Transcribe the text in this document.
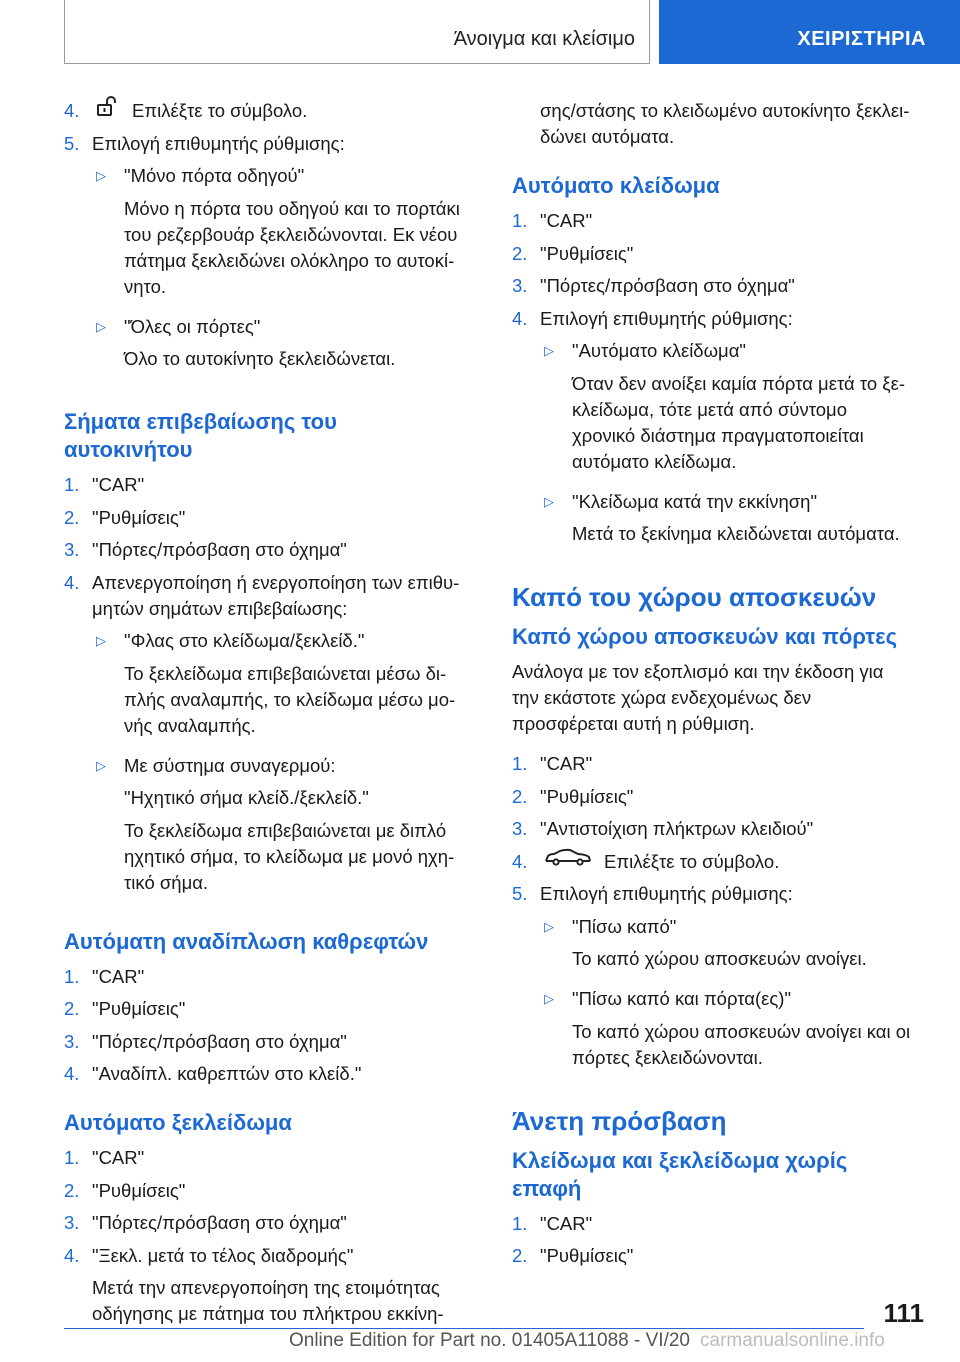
Άνοιγμα και κλείσιμο	ΧΕΙΡΙΣΤΗΡΙΑ
4.	Επιλέξτε το σύμβολο.
5. Επιλογή επιθυμητής ρύθμισης:
▷ "Μόνο πόρτα οδηγού"
Μόνο η πόρτα του οδηγού και το πορτάκι του ρεζερβουάρ ξεκλειδώνονται. Εκ νέου πάτημα ξεκλειδώνει ολόκληρο το αυτοκίνητο.
▷ "Όλες οι πόρτες"
Όλο το αυτοκίνητο ξεκλειδώνεται.
Σήματα επιβεβαίωσης του αυτοκινήτου
1. "CAR"
2. "Ρυθμίσεις"
3. "Πόρτες/πρόσβαση στο όχημα"
4. Απενεργοποίηση ή ενεργοποίηση των επιθυμητών σημάτων επιβεβαίωσης:
▷ "Φλας στο κλείδωμα/ξεκλείδ."
Το ξεκλείδωμα επιβεβαιώνεται μέσω διπλής αναλαμπής, το κλείδωμα μέσω μονής αναλαμπής.
▷ Με σύστημα συναγερμού:
"Ηχητικό σήμα κλείδ./ξεκλείδ."
Το ξεκλείδωμα επιβεβαιώνεται με διπλό ηχητικό σήμα, το κλείδωμα με μονό ηχητικό σήμα.
Αυτόματη αναδίπλωση καθρεφτών
1. "CAR"
2. "Ρυθμίσεις"
3. "Πόρτες/πρόσβαση στο όχημα"
4. "Αναδίπλ. καθρεπτών στο κλείδ."
Αυτόματο ξεκλείδωμα
1. "CAR"
2. "Ρυθμίσεις"
3. "Πόρτες/πρόσβαση στο όχημα"
4. "Ξεκλ. μετά το τέλος διαδρομής"
Μετά την απενεργοποίηση της ετοιμότητας οδήγησης με πάτημα του πλήκτρου εκκίνη-
σης/στάσης το κλειδωμένο αυτοκίνητο ξεκλειδώνει αυτόματα.
Αυτόματο κλείδωμα
1. "CAR"
2. "Ρυθμίσεις"
3. "Πόρτες/πρόσβαση στο όχημα"
4. Επιλογή επιθυμητής ρύθμισης:
▷ "Αυτόματο κλείδωμα"
Όταν δεν ανοίξει καμία πόρτα μετά το ξεκλείδωμα, τότε μετά από σύντομο χρονικό διάστημα πραγματοποιείται αυτόματο κλείδωμα.
▷ "Κλείδωμα κατά την εκκίνηση"
Μετά το ξεκίνημα κλειδώνεται αυτόματα.
Καπό του χώρου αποσκευών
Καπό χώρου αποσκευών και πόρτες
Ανάλογα με τον εξοπλισμό και την έκδοση για την εκάστοτε χώρα ενδεχομένως δεν προσφέρεται αυτή η ρύθμιση.
1. "CAR"
2. "Ρυθμίσεις"
3. "Αντιστοίχιση πλήκτρων κλειδιού"
4.	Επιλέξτε το σύμβολο.
5. Επιλογή επιθυμητής ρύθμισης:
▷ "Πίσω καπό"
Το καπό χώρου αποσκευών ανοίγει.
▷ "Πίσω καπό και πόρτα(ες)"
Το καπό χώρου αποσκευών ανοίγει και οι πόρτες ξεκλειδώνονται.
Άνετη πρόσβαση
Κλείδωμα και ξεκλείδωμα χωρίς επαφή
1. "CAR"
2. "Ρυθμίσεις"
111
Online Edition for Part no. 01405A11088 - VI/20 carmanualsonline.info
